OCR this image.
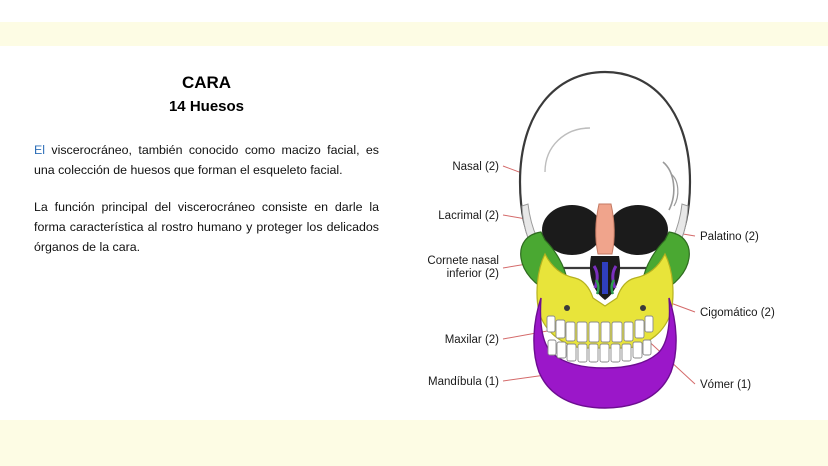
CARA
14 Huesos

El viscerocráneo, también conocido como macizo facial, es una colección de huesos que forman el esqueleto facial.

La función principal del viscerocráneo consiste en darle la forma característica al rostro humano y proteger los delicados órganos de la cara.

Nasal (2)
Lacrimal (2)
Cornete nasal
inferior (2)
Maxilar (2)
Mandíbula (1)
Palatino (2)
Cigomático (2)
Vómer (1)
